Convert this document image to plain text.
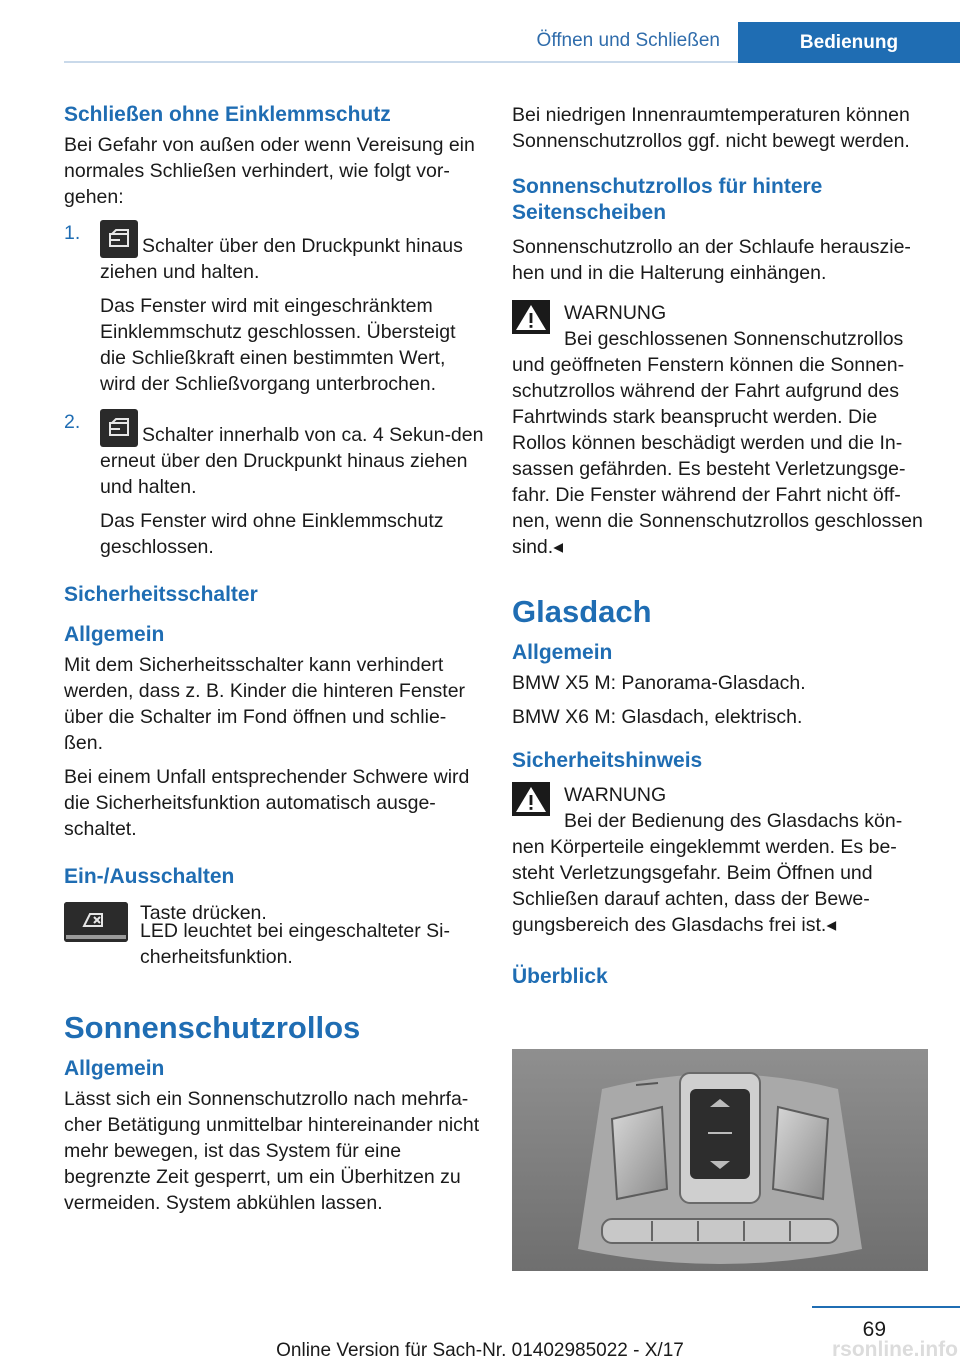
Öffnen und Schließen	Bedienung
Schließen ohne Einklemmschutz

Bei Gefahr von außen oder wenn Vereisung ein normales Schließen verhindert, wie folgt vor-gehen:

1.

Schalter über den Druckpunkt hinaus ziehen und halten.

Das Fenster wird mit eingeschränktem Einklemmschutz geschlossen. Übersteigt die Schließkraft einen bestimmten Wert, wird der Schließvorgang unterbrochen.

2.

Schalter innerhalb von ca. 4 Sekun-den erneut über den Druckpunkt hinaus ziehen und halten.

Das Fenster wird ohne Einklemmschutz geschlossen.

Sicherheitsschalter
Allgemein

Mit dem Sicherheitsschalter kann verhindert werden, dass z. B. Kinder die hinteren Fenster über die Schalter im Fond öffnen und schlie-ßen.

Bei einem Unfall entsprechender Schwere wird die Sicherheitsfunktion automatisch ausge-schaltet.

Ein-/Ausschalten

Taste drücken.

LED leuchtet bei eingeschalteter Si-cherheitsfunktion.

Sonnenschutzrollos
Allgemein

Lässt sich ein Sonnenschutzrollo nach mehrfa-cher Betätigung unmittelbar hintereinander nicht mehr bewegen, ist das System für eine begrenzte Zeit gesperrt, um ein Überhitzen zu vermeiden. System abkühlen lassen.

Bei niedrigen Innenraumtemperaturen können Sonnenschutzrollos ggf. nicht bewegt werden.

Sonnenschutzrollos für hintere Seitenscheiben

Sonnenschutzrollo an der Schlaufe herauszie-hen und in die Halterung einhängen.

WARNUNG

Bei geschlossenen Sonnenschutzrollos

und geöffneten Fenstern können die Sonnen-schutzrollos während der Fahrt aufgrund des Fahrtwinds stark beansprucht werden. Die Rollos können beschädigt werden und die In-sassen gefährden. Es besteht Verletzungsge-fahr. Die Fenster während der Fahrt nicht öff-nen, wenn die Sonnenschutzrollos geschlossen sind.◂

Glasdach
Allgemein

BMW X5 M: Panorama-Glasdach.

BMW X6 M: Glasdach, elektrisch.

Sicherheitshinweis

WARNUNG

Bei der Bedienung des Glasdachs kön-

nen Körperteile eingeklemmt werden. Es be-steht Verletzungsgefahr. Beim Öffnen und Schließen darauf achten, dass der Bewe-gungsbereich des Glasdachs frei ist.◂

Überblick
69
Online Version für Sach-Nr. 01402985022 - X/17	rsonline.info
